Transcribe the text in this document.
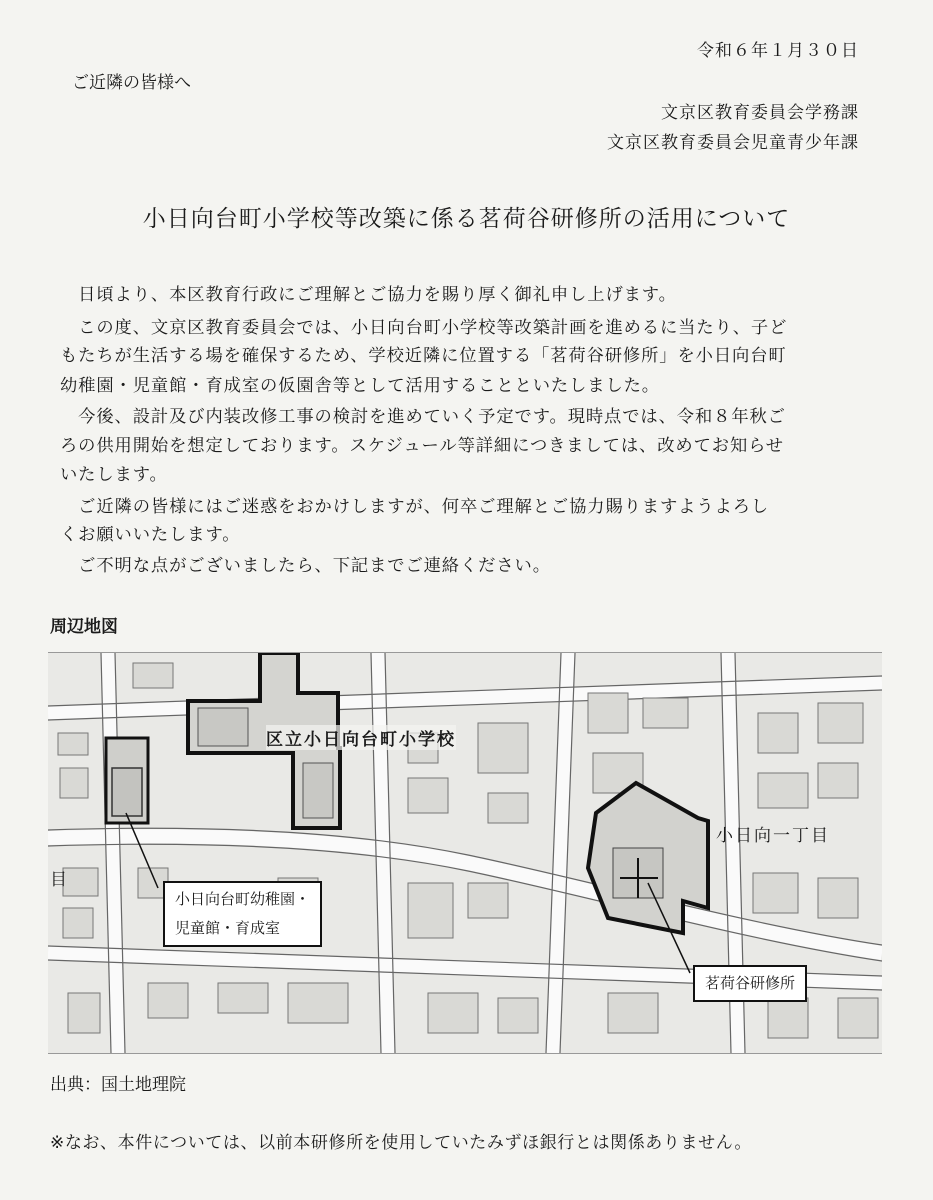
令和６年１月３０日
ご近隣の皆様へ
文京区教育委員会学務課
文京区教育委員会児童青少年課
小日向台町小学校等改築に係る茗荷谷研修所の活用について
　日頃より、本区教育行政にご理解とご協力を賜り厚く御礼申し上げます。
　この度、文京区教育委員会では、小日向台町小学校等改築計画を進めるに当たり、子ど
もたちが生活する場を確保するため、学校近隣に位置する「茗荷谷研修所」を小日向台町
幼稚園・児童館・育成室の仮園舎等として活用することといたしました。
　今後、設計及び内装改修工事の検討を進めていく予定です。現時点では、令和８年秋ご
ろの供用開始を想定しております。スケジュール等詳細につきましては、改めてお知らせ
いたします。
　ご近隣の皆様にはご迷惑をおかけしますが、何卒ご理解とご協力賜りますようよろし
くお願いいたします。
　ご不明な点がございましたら、下記までご連絡ください。
周辺地図
区立小日向台町小学校
小日向一丁目
目
小日向台町幼稚園・
児童館・育成室
茗荷谷研修所
出典：国土地理院
※なお、本件については、以前本研修所を使用していたみずほ銀行とは関係ありません。
